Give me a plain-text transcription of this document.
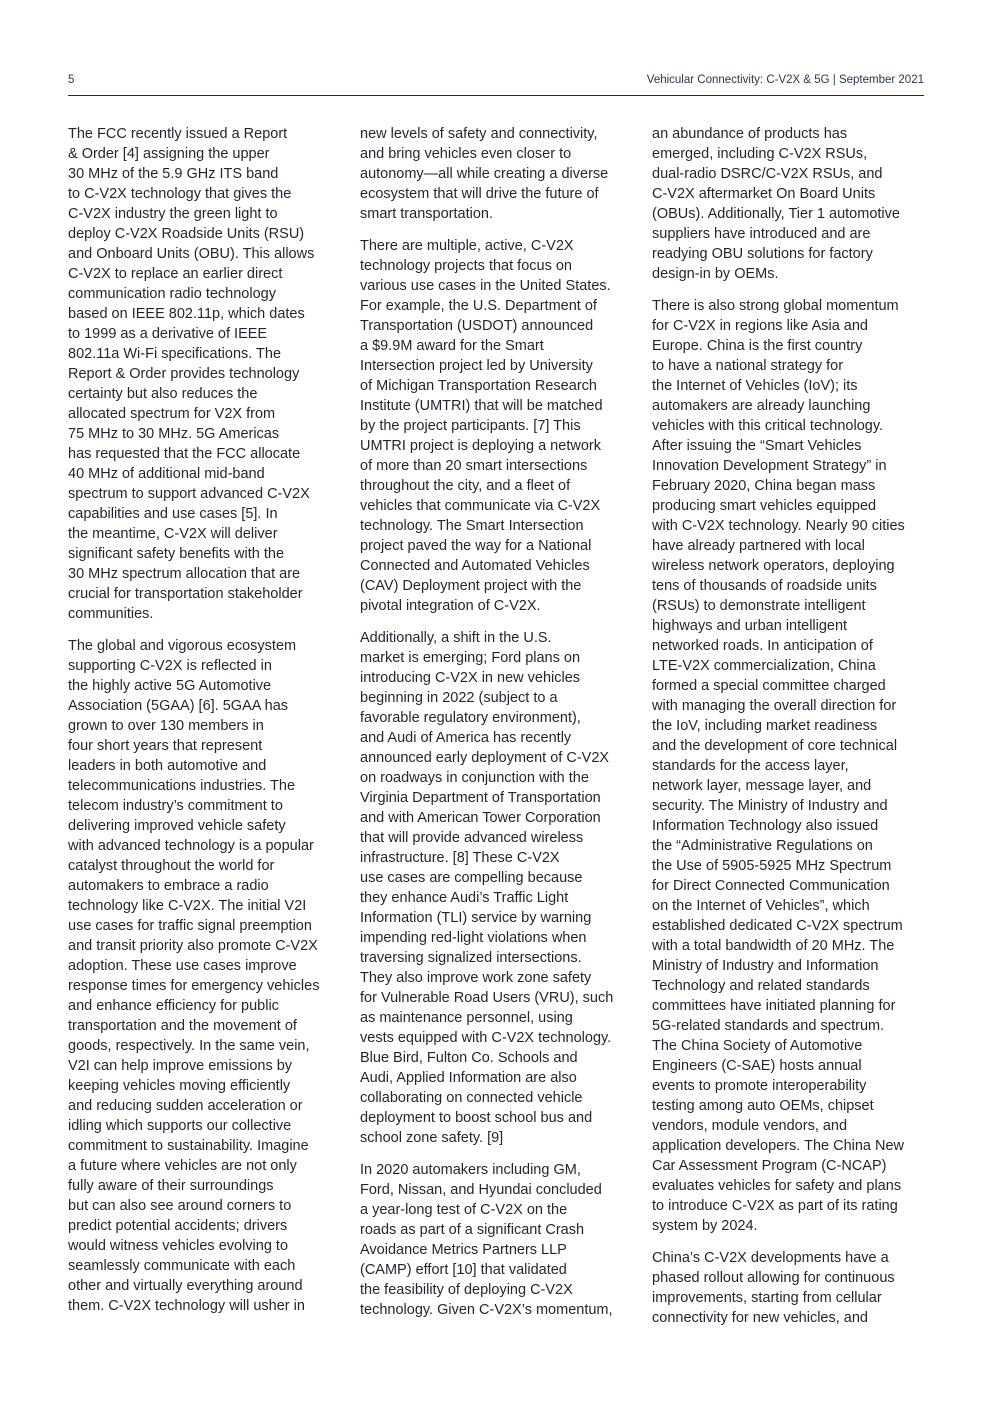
5	Vehicular Connectivity: C-V2X & 5G | September 2021

The FCC recently issued a Report
& Order [4] assigning the upper
30 MHz of the 5.9 GHz ITS band
to C-V2X technology that gives the
C-V2X industry the green light to
deploy C-V2X Roadside Units (RSU)
and Onboard Units (OBU). This allows
C-V2X to replace an earlier direct
communication radio technology
based on IEEE 802.11p, which dates
to 1999 as a derivative of IEEE
802.11a Wi-Fi specifications. The
Report & Order provides technology
certainty but also reduces the
allocated spectrum for V2X from
75 MHz to 30 MHz. 5G Americas
has requested that the FCC allocate
40 MHz of additional mid-band
spectrum to support advanced C-V2X
capabilities and use cases [5]. In
the meantime, C-V2X will deliver
significant safety benefits with the
30 MHz spectrum allocation that are
crucial for transportation stakeholder
communities.

The global and vigorous ecosystem
supporting C-V2X is reflected in
the highly active 5G Automotive
Association (5GAA) [6]. 5GAA has
grown to over 130 members in
four short years that represent
leaders in both automotive and
telecommunications industries. The
telecom industry’s commitment to
delivering improved vehicle safety
with advanced technology is a popular
catalyst throughout the world for
automakers to embrace a radio
technology like C-V2X. The initial V2I
use cases for traffic signal preemption
and transit priority also promote C-V2X
adoption. These use cases improve
response times for emergency vehicles
and enhance efficiency for public
transportation and the movement of
goods, respectively. In the same vein,
V2I can help improve emissions by
keeping vehicles moving efficiently
and reducing sudden acceleration or
idling which supports our collective
commitment to sustainability. Imagine
a future where vehicles are not only
fully aware of their surroundings
but can also see around corners to
predict potential accidents; drivers
would witness vehicles evolving to
seamlessly communicate with each
other and virtually everything around
them. C-V2X technology will usher in

new levels of safety and connectivity,
and bring vehicles even closer to
autonomy—all while creating a diverse
ecosystem that will drive the future of
smart transportation.

There are multiple, active, C-V2X
technology projects that focus on
various use cases in the United States.
For example, the U.S. Department of
Transportation (USDOT) announced
a $9.9M award for the Smart
Intersection project led by University
of Michigan Transportation Research
Institute (UMTRI) that will be matched
by the project participants. [7] This
UMTRI project is deploying a network
of more than 20 smart intersections
throughout the city, and a fleet of
vehicles that communicate via C-V2X
technology. The Smart Intersection
project paved the way for a National
Connected and Automated Vehicles
(CAV) Deployment project with the
pivotal integration of C-V2X.

Additionally, a shift in the U.S.
market is emerging; Ford plans on
introducing C-V2X in new vehicles
beginning in 2022 (subject to a
favorable regulatory environment),
and Audi of America has recently
announced early deployment of C-V2X
on roadways in conjunction with the
Virginia Department of Transportation
and with American Tower Corporation
that will provide advanced wireless
infrastructure. [8] These C-V2X
use cases are compelling because
they enhance Audi’s Traffic Light
Information (TLI) service by warning
impending red-light violations when
traversing signalized intersections.
They also improve work zone safety
for Vulnerable Road Users (VRU), such
as maintenance personnel, using
vests equipped with C-V2X technology.
Blue Bird, Fulton Co. Schools and
Audi, Applied Information are also
collaborating on connected vehicle
deployment to boost school bus and
school zone safety. [9]

In 2020 automakers including GM,
Ford, Nissan, and Hyundai concluded
a year-long test of C-V2X on the
roads as part of a significant Crash
Avoidance Metrics Partners LLP
(CAMP) effort [10] that validated
the feasibility of deploying C-V2X
technology. Given C-V2X’s momentum,

an abundance of products has
emerged, including C-V2X RSUs,
dual-radio DSRC/C-V2X RSUs, and
C-V2X aftermarket On Board Units
(OBUs). Additionally, Tier 1 automotive
suppliers have introduced and are
readying OBU solutions for factory
design-in by OEMs.

There is also strong global momentum
for C-V2X in regions like Asia and
Europe. China is the first country
to have a national strategy for
the Internet of Vehicles (IoV); its
automakers are already launching
vehicles with this critical technology.
After issuing the “Smart Vehicles
Innovation Development Strategy” in
February 2020, China began mass
producing smart vehicles equipped
with C-V2X technology. Nearly 90 cities
have already partnered with local
wireless network operators, deploying
tens of thousands of roadside units
(RSUs) to demonstrate intelligent
highways and urban intelligent
networked roads. In anticipation of
LTE-V2X commercialization, China
formed a special committee charged
with managing the overall direction for
the IoV, including market readiness
and the development of core technical
standards for the access layer,
network layer, message layer, and
security. The Ministry of Industry and
Information Technology also issued
the “Administrative Regulations on
the Use of 5905-5925 MHz Spectrum
for Direct Connected Communication
on the Internet of Vehicles”, which
established dedicated C-V2X spectrum
with a total bandwidth of 20 MHz. The
Ministry of Industry and Information
Technology and related standards
committees have initiated planning for
5G-related standards and spectrum.
The China Society of Automotive
Engineers (C-SAE) hosts annual
events to promote interoperability
testing among auto OEMs, chipset
vendors, module vendors, and
application developers. The China New
Car Assessment Program (C-NCAP)
evaluates vehicles for safety and plans
to introduce C-V2X as part of its rating
system by 2024.

China’s C-V2X developments have a
phased rollout allowing for continuous
improvements, starting from cellular
connectivity for new vehicles, and
